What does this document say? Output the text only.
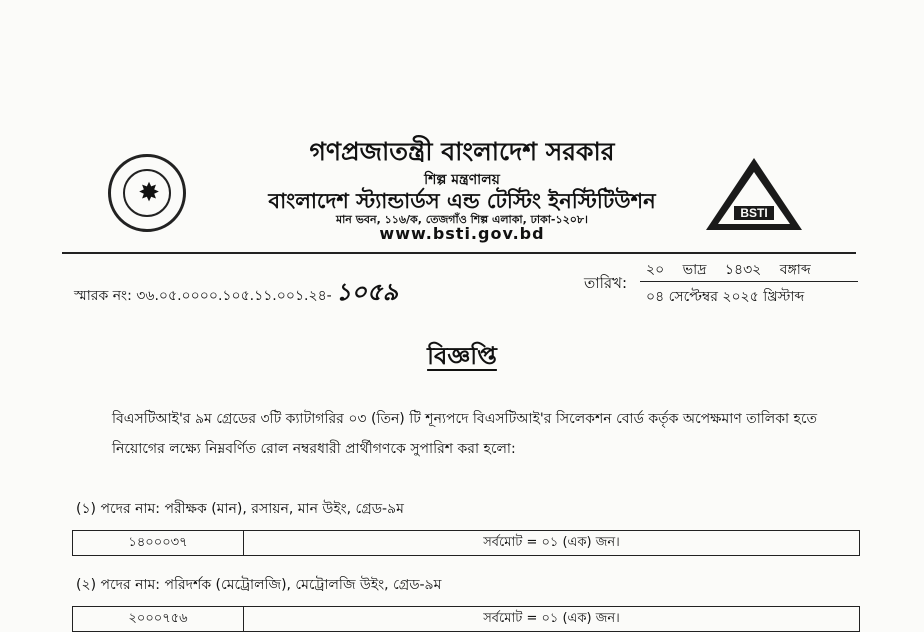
✸
BSTI
গণপ্রজাতন্ত্রী বাংলাদেশ সরকার
শিল্প মন্ত্রণালয়
বাংলাদেশ স্ট্যান্ডার্ডস এন্ড টেস্টিং ইনস্টিটিউশন
মান ভবন, ১১৬/ক, তেজগাঁও শিল্প এলাকা, ঢাকা-১২০৮।
www.bsti.gov.bd
স্মারক নং: ৩৬.০৫.০০০০.১০৫.১১.০০১.২৪- ১০৫৯	তারিখ:
২০ ভাদ্র ১৪৩২ বঙ্গাব্দ
০৪ সেপ্টেম্বর ২০২৫ খ্রিস্টাব্দ
বিজ্ঞপ্তি
বিএসটিআই'র ৯ম গ্রেডের ৩টি ক্যাটাগরির ০৩ (তিন) টি শূন্যপদে বিএসটিআই'র সিলেকশন বোর্ড কর্তৃক অপেক্ষমাণ তালিকা হতে নিয়োগের লক্ষ্যে নিম্নবর্ণিত রোল নম্বরধারী প্রার্থীগণকে সুপারিশ করা হলো:
(১) পদের নাম: পরীক্ষক (মান), রসায়ন, মান উইং, গ্রেড-৯ম
১৪০০০৩৭	সর্বমোট = ০১ (এক) জন।
(২) পদের নাম: পরিদর্শক (মেট্রোলজি), মেট্রোলজি উইং, গ্রেড-৯ম
২০০০৭৫৬	সর্বমোট = ০১ (এক) জন।
